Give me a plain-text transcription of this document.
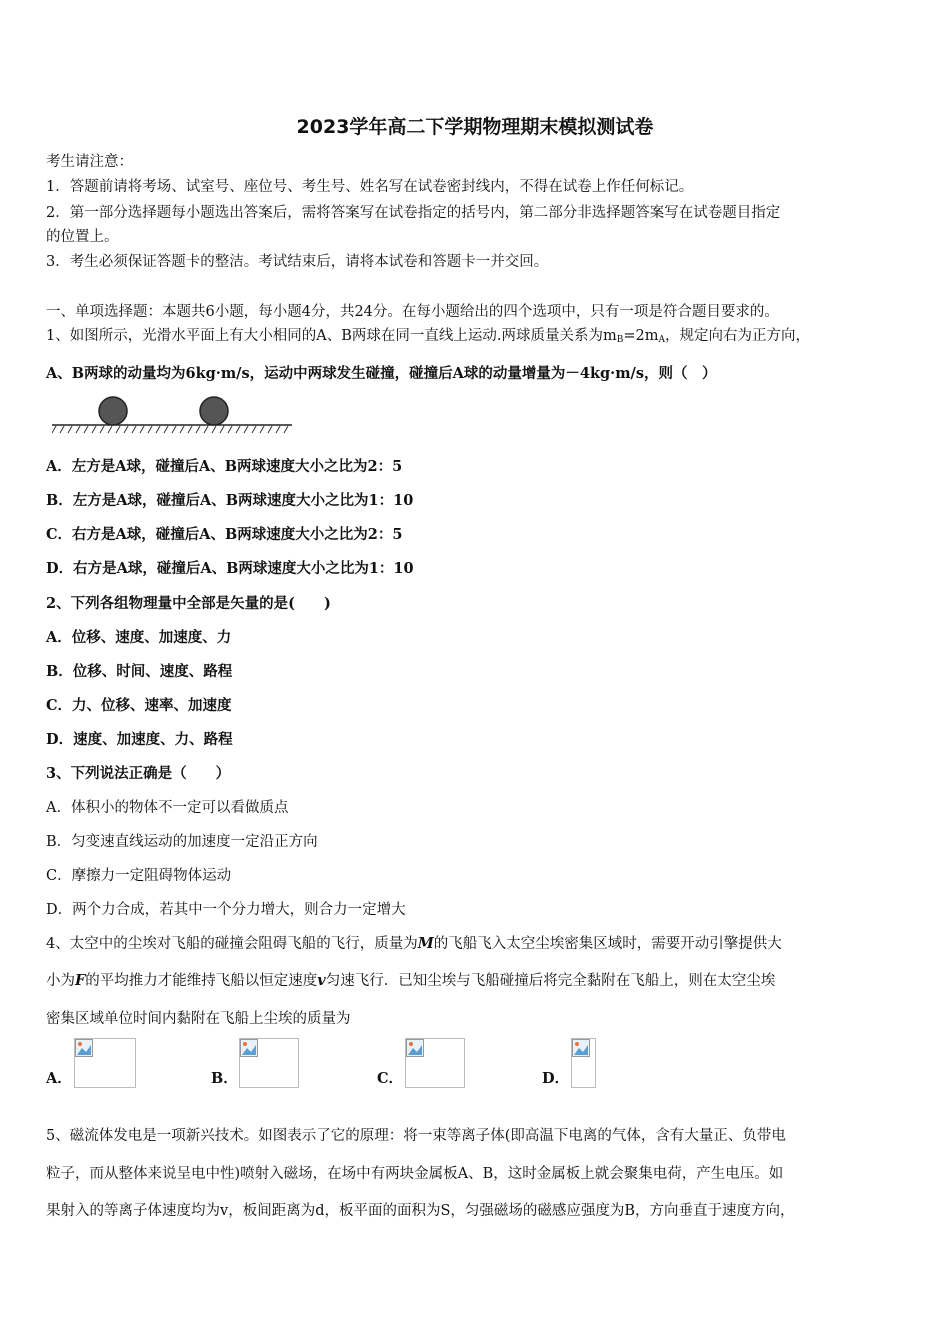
2023学年高二下学期物理期末模拟测试卷
考生请注意：
1．答题前请将考场、试室号、座位号、考生号、姓名写在试卷密封线内，不得在试卷上作任何标记。
2．第一部分选择题每小题选出答案后，需将答案写在试卷指定的括号内，第二部分非选择题答案写在试卷题目指定
的位置上。
3．考生必须保证答题卡的整洁。考试结束后，请将本试卷和答题卡一并交回。
一、单项选择题：本题共6小题，每小题4分，共24分。在每小题给出的四个选项中，只有一项是符合题目要求的。
1、如图所示，光滑水平面上有大小相同的A、B两球在同一直线上运动.两球质量关系为$m_B=2m_A$，规定向右为正方向，
A、B两球的动量均为6kg·m/s，运动中两球发生碰撞，碰撞后A球的动量增量为－4kg·m/s，则（　）
A．左方是A球，碰撞后A、B两球速度大小之比为2：5
B．左方是A球，碰撞后A、B两球速度大小之比为1：10
C．右方是A球，碰撞后A、B两球速度大小之比为2：5
D．右方是A球，碰撞后A、B两球速度大小之比为1：10
2、下列各组物理量中全部是矢量的是(　　)
A．位移、速度、加速度、力
B．位移、时间、速度、路程
C．力、位移、速率、加速度
D．速度、加速度、力、路程
3、下列说法正确是（　　）
A．体积小的物体不一定可以看做质点
B．匀变速直线运动的加速度一定沿正方向
C．摩擦力一定阻碍物体运动
D．两个力合成，若其中一个分力增大，则合力一定增大
4、太空中的尘埃对飞船的碰撞会阻碍飞船的飞行，质量为M的飞船飞入太空尘埃密集区域时，需要开动引擎提供大
小为F的平均推力才能维持飞船以恒定速度v匀速飞行．已知尘埃与飞船碰撞后将完全黏附在飞船上，则在太空尘埃
密集区域单位时间内黏附在飞船上尘埃的质量为
A．	B．	C．	D．
5、磁流体发电是一项新兴技术。如图表示了它的原理：将一束等离子体(即高温下电离的气体，含有大量正、负带电
粒子，而从整体来说呈电中性)喷射入磁场，在场中有两块金属板A、B，这时金属板上就会聚集电荷，产生电压。如
果射入的等离子体速度均为v，板间距离为d，板平面的面积为S，匀强磁场的磁感应强度为B，方向垂直于速度方向，
